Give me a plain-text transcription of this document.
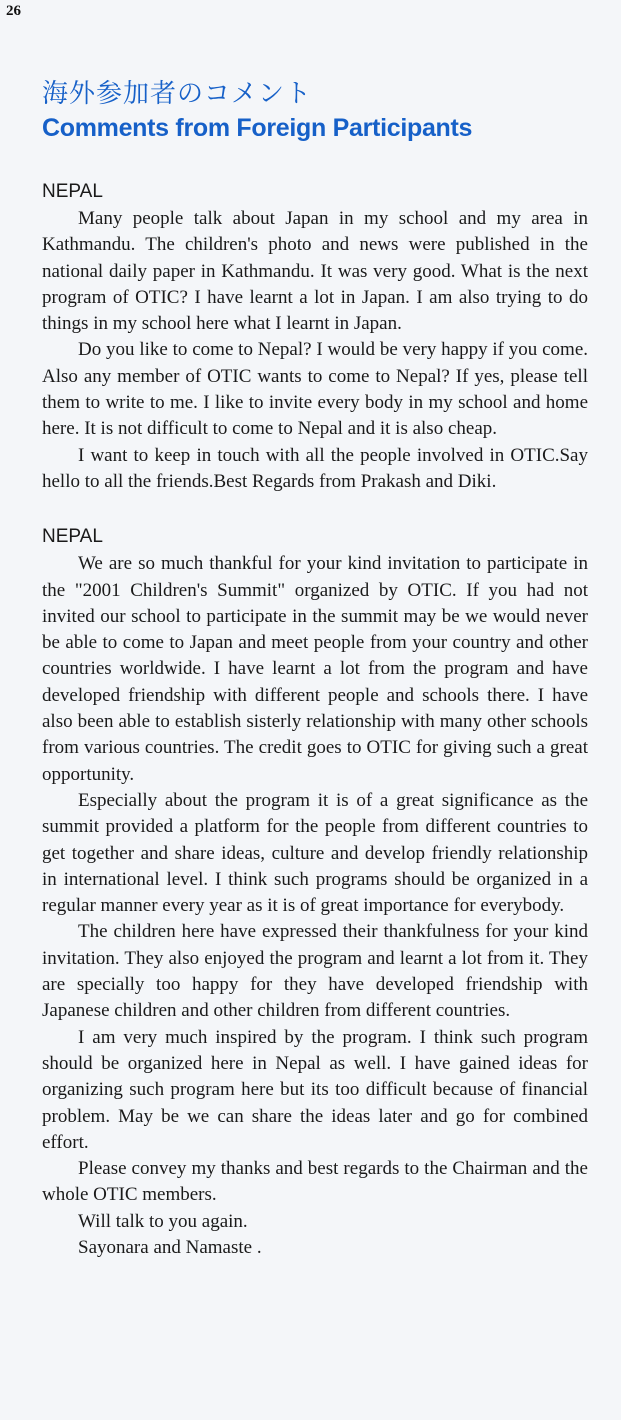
26
海外参加者のコメント
Comments from Foreign Participants
NEPAL

Many people talk about Japan in my school and my area in Kathmandu. The children's photo and news were published in the national daily paper in Kathmandu. It was very good. What is the next program of OTIC? I have learnt a lot in Japan. I am also trying to do things in my school here what I learnt in Japan.

Do you like to come to Nepal? I would be very happy if you come. Also any member of OTIC wants to come to Nepal? If yes, please tell them to write to me. I like to invite every body in my school and home here. It is not difficult to come to Nepal and it is also cheap.

I want to keep in touch with all the people involved in OTIC.Say hello to all the friends.Best Regards from Prakash and Diki.

NEPAL

We are so much thankful for your kind invitation to participate in the "2001 Children's Summit" organized by OTIC. If you had not invited our school to participate in the summit may be we would never be able to come to Japan and meet people from your country and other countries worldwide. I have learnt a lot from the program and have developed friendship with different people and schools there. I have also been able to establish sisterly relationship with many other schools from various countries. The credit goes to OTIC for giving such a great opportunity.

Especially about the program it is of a great significance as the summit provided a platform for the people from different countries to get together and share ideas, culture and develop friendly relationship in international level. I think such programs should be organized in a regular manner every year as it is of great importance for everybody.

The children here have expressed their thankfulness for your kind invitation. They also enjoyed the program and learnt a lot from it. They are specially too happy for they have developed friendship with Japanese children and other children from different countries.

I am very much inspired by the program. I think such program should be organized here in Nepal as well. I have gained ideas for organizing such program here but its too difficult because of financial problem. May be we can share the ideas later and go for combined effort.

Please convey my thanks and best regards to the Chairman and the whole OTIC members.

Will talk to you again.

Sayonara and Namaste .
